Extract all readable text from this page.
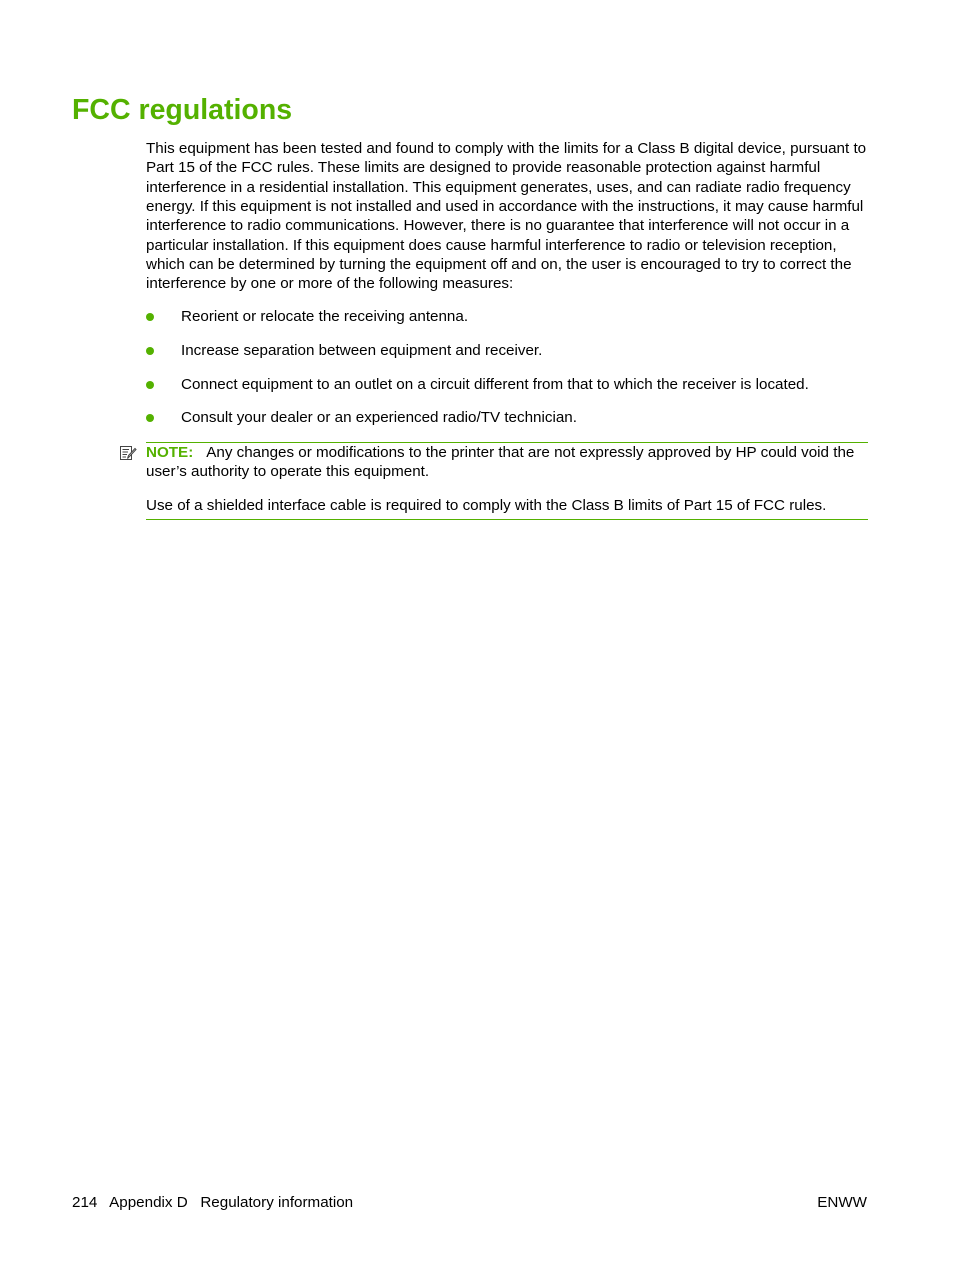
FCC regulations

This equipment has been tested and found to comply with the limits for a Class B digital device, pursuant to Part 15 of the FCC rules. These limits are designed to provide reasonable protection against harmful interference in a residential installation. This equipment generates, uses, and can radiate radio frequency energy. If this equipment is not installed and used in accordance with the instructions, it may cause harmful interference to radio communications. However, there is no guarantee that interference will not occur in a particular installation. If this equipment does cause harmful interference to radio or television reception, which can be determined by turning the equipment off and on, the user is encouraged to try to correct the interference by one or more of the following measures:

Reorient or relocate the receiving antenna.
Increase separation between equipment and receiver.
Connect equipment to an outlet on a circuit different from that to which the receiver is located.
Consult your dealer or an experienced radio/TV technician.

NOTE: Any changes or modifications to the printer that are not expressly approved by HP could void the user’s authority to operate this equipment.

Use of a shielded interface cable is required to comply with the Class B limits of Part 15 of FCC rules.

214   Appendix D   Regulatory information	ENWW
